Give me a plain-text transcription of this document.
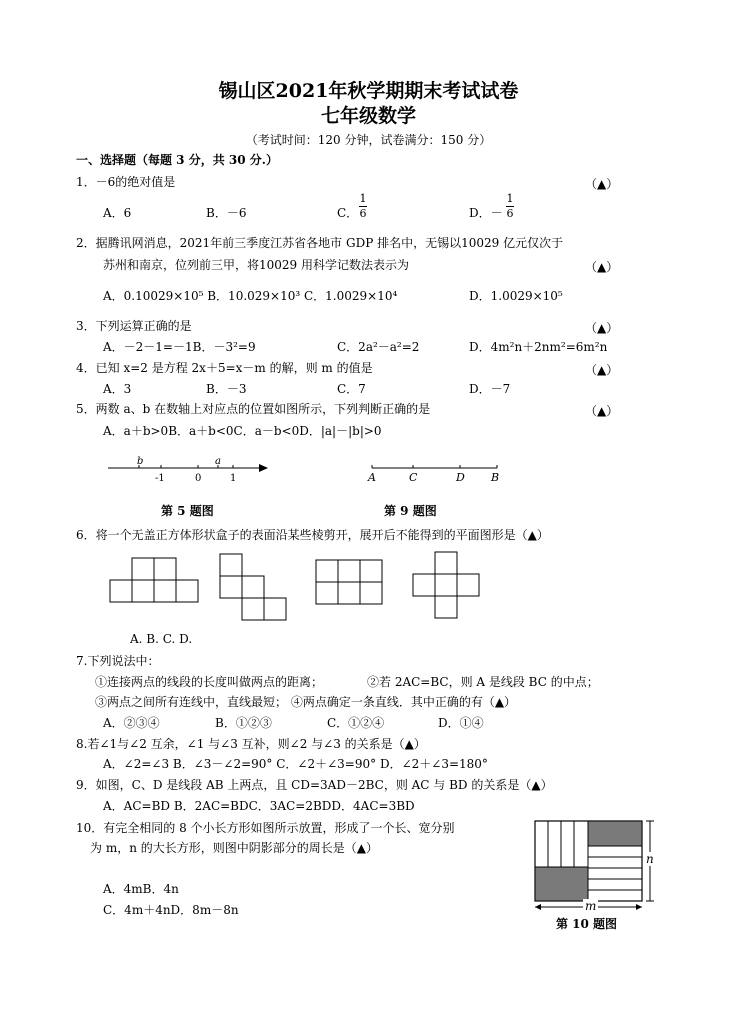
锡山区2021年秋学期期末考试试卷
七年级数学
（考试时间：120 分钟，试卷满分：150 分）
一、选择题（每题 3 分，共 30 分.）
1．－6的绝对值是	（▲）
A．6	B．－6	C．
1
6	D．－
1
6
2．据腾讯网消息，2021年前三季度江苏省各地市 GDP 排名中，无锡以10029 亿元仅次于
苏州和南京，位列前三甲，将10029 用科学记数法表示为	（▲）
A．0.10029×10⁵ B．10.029×10³ C．1.0029×10⁴	D．1.0029×10⁵
3．下列运算正确的是	（▲）
A．－2－1=－1B．－3²=9	C．2a²－a²=2	D．4m²n＋2nm²=6m²n
4．已知 x=2 是方程 2x＋5=x－m 的解，则 m 的值是	（▲）
A．3	B．－3	C．7	D．－7
5．两数 a、b 在数轴上对应点的位置如图所示，下列判断正确的是	（▲）
A．a＋b>0B．a＋b<0C．a－b<0D．|a|－|b|>0
b	a
-1	0	1
第 5 题图
A	C	D B
第 9 题图
6．将一个无盖正方体形状盒子的表面沿某些棱剪开，展开后不能得到的平面图形是（▲）
A. B. C. D.
7.下列说法中：
①连接两点的线段的长度叫做两点的距离；	②若 2AC=BC，则 A 是线段 BC 的中点；
③两点之间所有连线中，直线最短； ④两点确定一条直线．其中正确的有（▲）
A．②③④	B．①②③	C．①②④	D．①④
8.若∠1与∠2 互余，∠1 与∠3 互补，则∠2 与∠3 的关系是（▲）
A．∠2=∠3 B．∠3－∠2=90° C．∠2＋∠3=90° D．∠2＋∠3=180°
9．如图，C、D 是线段 AB 上两点，且 CD=3AD－2BC，则 AC 与 BD 的关系是（▲）
A．AC=BD B．2AC=BDC．3AC=2BDD．4AC=3BD
10．有完全相同的 8 个小长方形如图所示放置，形成了一个长、宽分别
为 m，n 的大长方形，则图中阴影部分的周长是（▲）
A．4mB．4n
C．4m＋4nD．8m－8n
n
m
第 10 题图
